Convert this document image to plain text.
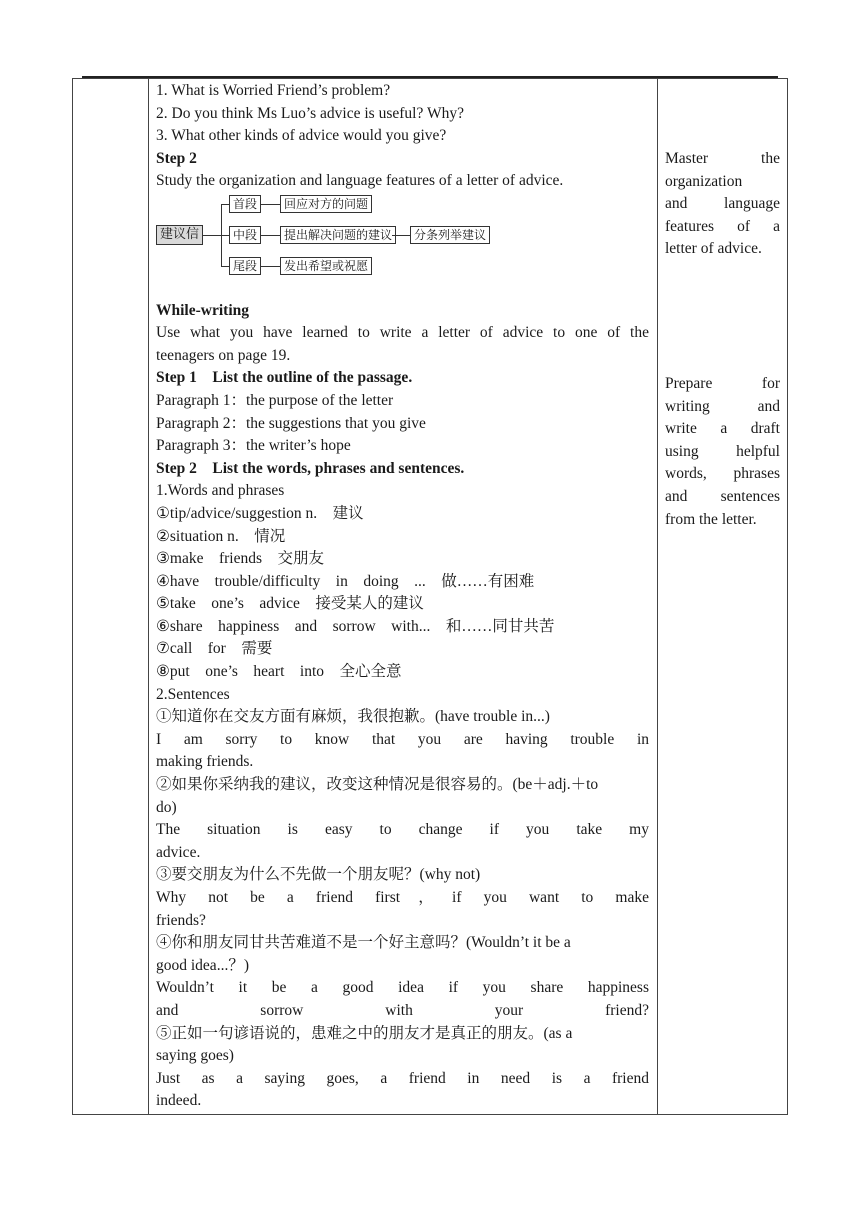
1. What is Worried Friend’s problem?
2. Do you think Ms Luo’s advice is useful? Why?
3. What other kinds of advice would you give?
Step 2
Study the organization and language features of a letter of advice.
建议信
首段
中段
尾段
回应对方的问题
提出解决问题的建议
发出希望或祝愿
分条列举建议
While-writing
Use what you have learned to write a letter of advice to one of the
teenagers on page 19.
Step 1　List the outline of the passage.
Paragraph 1：the purpose of the letter
Paragraph 2：the suggestions that you give
Paragraph 3：the writer’s hope
Step 2　List the words, phrases and sentences.
1.Words and phrases
①tip/advice/suggestion n.　建议
②situation n.　情况
③make　friends　交朋友
④have　trouble/difficulty　in　doing　...　做……有困难
⑤take　one’s　advice　接受某人的建议
⑥share　happiness　and　sorrow　with...　和……同甘共苦
⑦call　for　需要
⑧put　one’s　heart　into　全心全意
2.Sentences
①知道你在交友方面有麻烦，我很抱歉。(have trouble in...)
I am sorry to know that you are having trouble in
making friends.
②如果你采纳我的建议，改变这种情况是很容易的。(be＋adj.＋to
do)
The situation is easy to change if you take my
advice.
③要交朋友为什么不先做一个朋友呢？(why not)
Why not be a friend first，if you want to make
friends?
④你和朋友同甘共苦难道不是一个好主意吗？(Wouldn’t it be a
good idea...？)
Wouldn’t it be a good idea if you share happiness
and sorrow with your friend?
⑤正如一句谚语说的，患难之中的朋友才是真正的朋友。(as a
saying goes)
Just as a saying goes, a friend in need is a friend
indeed.
Master the
organization
and language
features of a
letter of advice.
Prepare for
writing and
write a draft
using helpful
words, phrases
and sentences
from the letter.
